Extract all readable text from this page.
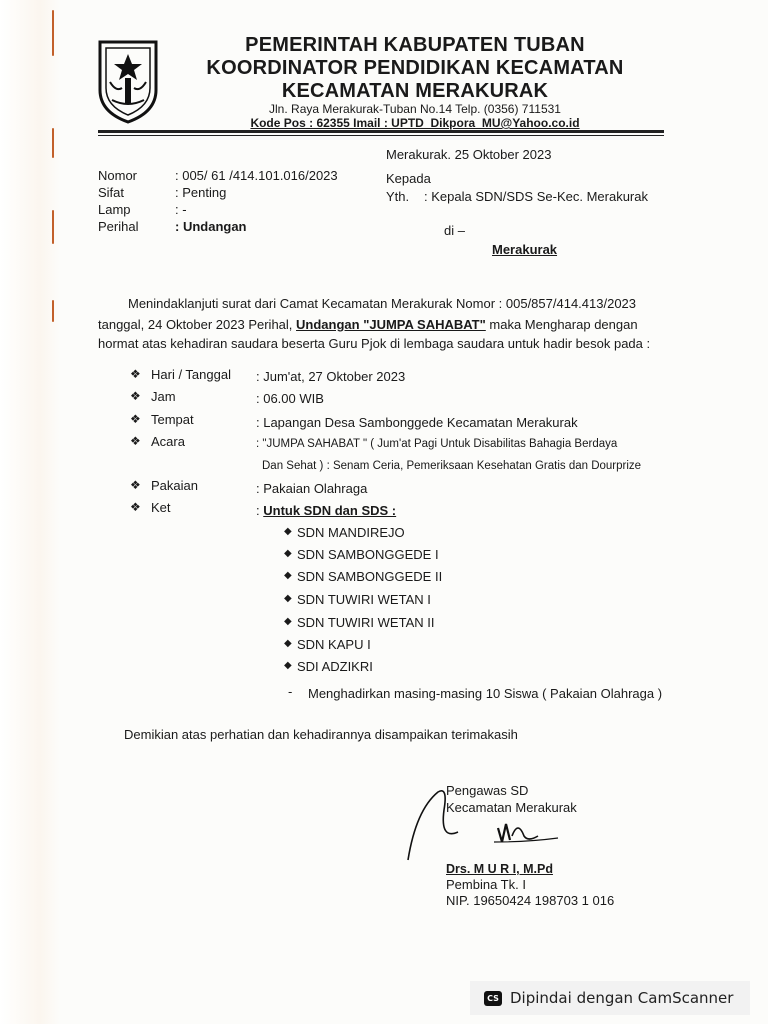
PEMERINTAH KABUPATEN TUBAN
KOORDINATOR PENDIDIKAN KECAMATAN
KECAMATAN MERAKURAK
Jln. Raya Merakurak-Tuban No.14 Telp. (0356) 711531
Kode Pos : 62355 Imail : UPTD_Dikpora_MU@Yahoo.co.id
Merakurak. 25 Oktober 2023
Nomor	: 005/ 61 /414.101.016/2023
Sifat	: Penting
Lamp	: -
Perihal	: Undangan
Kepada
Yth. : Kepala SDN/SDS Se-Kec. Merakurak
di –
Merakurak
Menindaklanjuti surat dari Camat Kecamatan Merakurak Nomor : 005/857/414.413/2023
tanggal, 24 Oktober 2023 Perihal, Undangan "JUMPA SAHABAT" maka Mengharap dengan
hormat atas kehadiran saudara beserta Guru Pjok di lembaga saudara untuk hadir besok pada :
❖ Hari / Tanggal : Jum'at, 27 Oktober 2023
❖ Jam	: 06.00 WIB
❖ Tempat	: Lapangan Desa Sambonggede Kecamatan Merakurak
❖ Acara	: "JUMPA SAHABAT " ( Jum'at Pagi Untuk Disabilitas Bahagia Berdaya
Dan Sehat ) : Senam Ceria, Pemeriksaan Kesehatan Gratis dan Dourprize
❖ Pakaian	: Pakaian Olahraga
❖ Ket	: Untuk SDN dan SDS :
◆ SDN MANDIREJO
◆ SDN SAMBONGGEDE I
◆ SDN SAMBONGGEDE II
◆ SDN TUWIRI WETAN I
◆ SDN TUWIRI WETAN II
◆ SDN KAPU I
◆ SDI ADZIKRI
- Menghadirkan masing-masing 10 Siswa ( Pakaian Olahraga )
Demikian atas perhatian dan kehadirannya disampaikan terimakasih
Pengawas SD
Kecamatan Merakurak
Drs. M U R I, M.Pd
Pembina Tk. I
NIP. 19650424 198703 1 016
CS Dipindai dengan CamScanner
